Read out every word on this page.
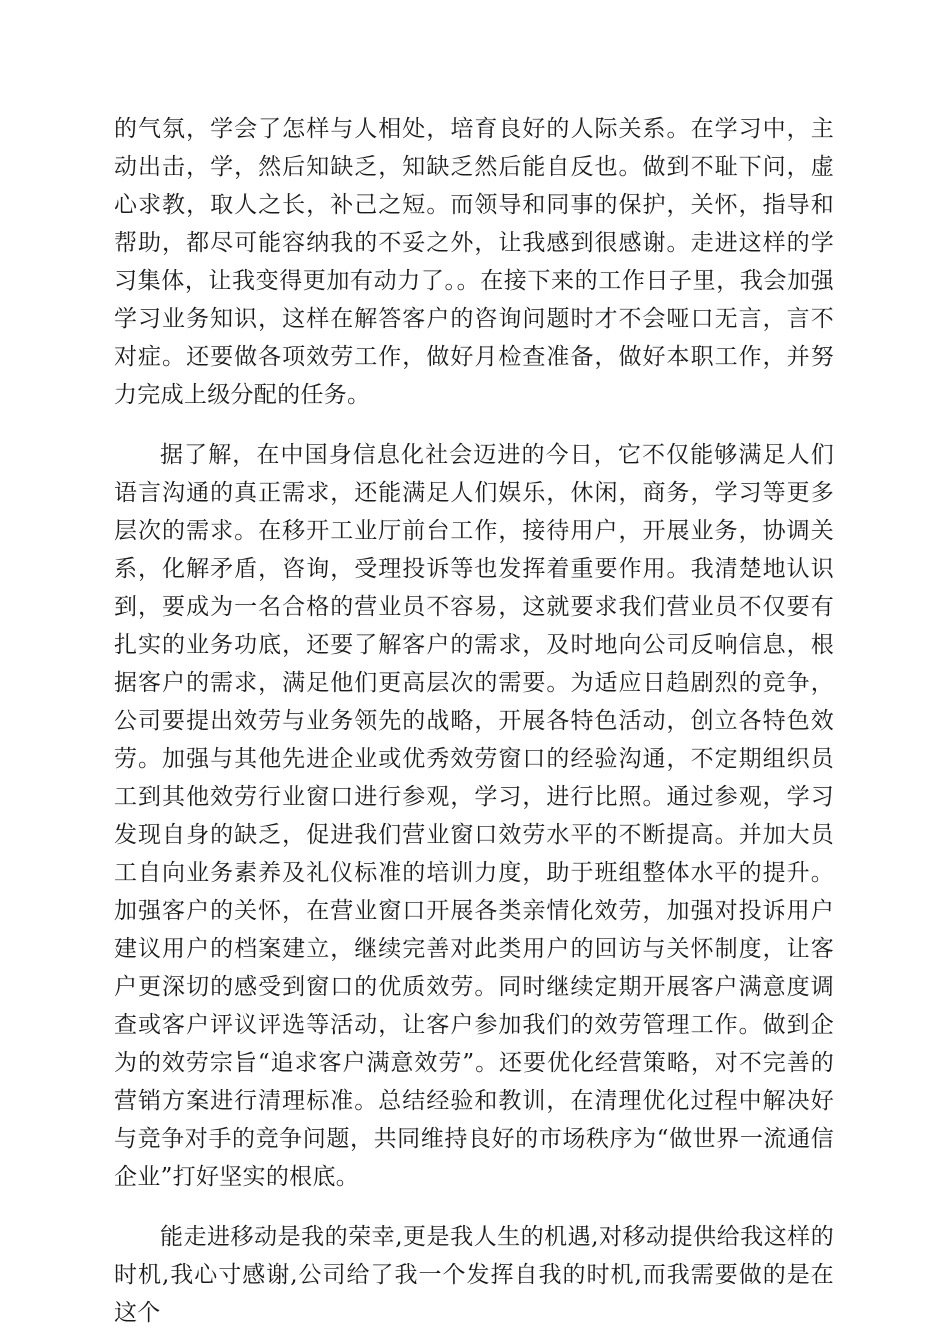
的气氛，学会了怎样与人相处，培育良好的人际关系。在学习中，主动出击，学，然后知缺乏，知缺乏然后能自反也。做到不耻下问，虚心求教，取人之长，补己之短。而领导和同事的保护，关怀，指导和帮助，都尽可能容纳我的不妥之外，让我感到很感谢。走进这样的学习集体，让我变得更加有动力了。。在接下来的工作日子里，我会加强学习业务知识，这样在解答客户的咨询问题时才不会哑口无言，言不对症。还要做各项效劳工作，做好月检查准备，做好本职工作，并努力完成上级分配的任务。

据了解，在中国身信息化社会迈进的今日，它不仅能够满足人们语言沟通的真正需求，还能满足人们娱乐，休闲，商务，学习等更多层次的需求。在移开工业厅前台工作，接待用户，开展业务，协调关系，化解矛盾，咨询，受理投诉等也发挥着重要作用。我清楚地认识到，要成为一名合格的营业员不容易，这就要求我们营业员不仅要有扎实的业务功底，还要了解客户的需求，及时地向公司反响信息，根据客户的需求，满足他们更高层次的需要。为适应日趋剧烈的竞争，公司要提出效劳与业务领先的战略，开展各特色活动，创立各特色效劳。加强与其他先进企业或优秀效劳窗口的经验沟通，不定期组织员工到其他效劳行业窗口进行参观，学习，进行比照。通过参观，学习发现自身的缺乏，促进我们营业窗口效劳水平的不断提高。并加大员工自向业务素养及礼仪标准的培训力度，助于班组整体水平的提升。加强客户的关怀，在营业窗口开展各类亲情化效劳，加强对投诉用户建议用户的档案建立，继续完善对此类用户的回访与关怀制度，让客户更深切的感受到窗口的优质效劳。同时继续定期开展客户满意度调查或客户评议评选等活动，让客户参加我们的效劳管理工作。做到企为的效劳宗旨“追求客户满意效劳”。还要优化经营策略，对不完善的营销方案进行清理标准。总结经验和教训，在清理优化过程中解决好与竞争对手的竞争问题，共同维持良好的市场秩序为“做世界一流通信企业”打好坚实的根底。

能走进移动是我的荣幸,更是我人生的机遇,对移动提供给我这样的时机,我心寸感谢,公司给了我一个发挥自我的时机,而我需要做的是在这个
